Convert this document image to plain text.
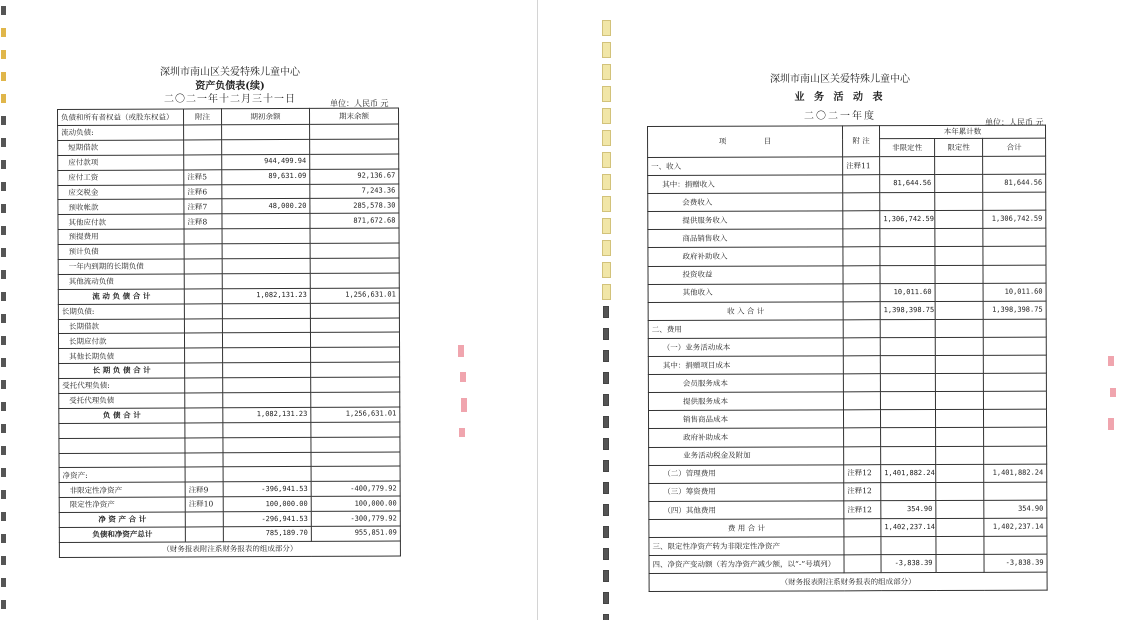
深圳市南山区关爱特殊儿童中心
资产负债表(续)
二〇二一年十二月三十一日	单位：人民币 元
负债和所有者权益（或股东权益）	附注	期初余额	期末余额
流动负债:			
短期借款			
应付款项		944,499.94	
应付工资	注释5	89,631.09	92,136.67
应交税金	注释6		7,243.36
预收帐款	注释7	48,000.20	285,578.30
其他应付款	注释8		871,672.68
预提费用			
预计负债			
一年内到期的长期负债			
其他流动负债			
流 动 负 债 合 计		1,082,131.23	1,256,631.01
长期负债:			
长期借款			
长期应付款			
其他长期负债			
长 期 负 债 合 计			
受托代理负债:			
受托代理负债			
负 债 合 计		1,082,131.23	1,256,631.01

净资产:			
非限定性净资产	注释9	-396,941.53	-400,779.92
限定性净资产	注释10	100,000.00	100,000.00
净 资 产 合 计		-296,941.53	-300,779.92
负债和净资产总计		785,189.70	955,851.09
（财务报表附注系财务报表的组成部分）			
深圳市南山区关爱特殊儿童中心
业 务 活 动 表
二〇二一年度
单位：人民币 元
项　　　　　目	附 注	本年累计数		
		非限定性	限定性	合计
一、收入	注释11			
其中：捐赠收入		81,644.56		81,644.56
会费收入				
提供服务收入		1,306,742.59		1,306,742.59
商品销售收入				
政府补助收入				
投资收益				
其他收入		10,011.60		10,011.60
收 入 合 计		1,398,398.75		1,398,398.75
二、费用				
（一）业务活动成本				
其中：捐赠项目成本				
会员服务成本				
提供服务成本				
销售商品成本				
政府补助成本				
业务活动税金及附加				
（二）管理费用	注释12	1,401,882.24		1,401,882.24
（三）筹资费用	注释12			
（四）其他费用	注释12	354.90		354.90
费 用 合 计		1,402,237.14		1,402,237.14
三、限定性净资产转为非限定性净资产				
四、净资产变动额（若为净资产减少额，以“-”号填列）		-3,838.39		-3,838.39
（财务报表附注系财务报表的组成部分）				
